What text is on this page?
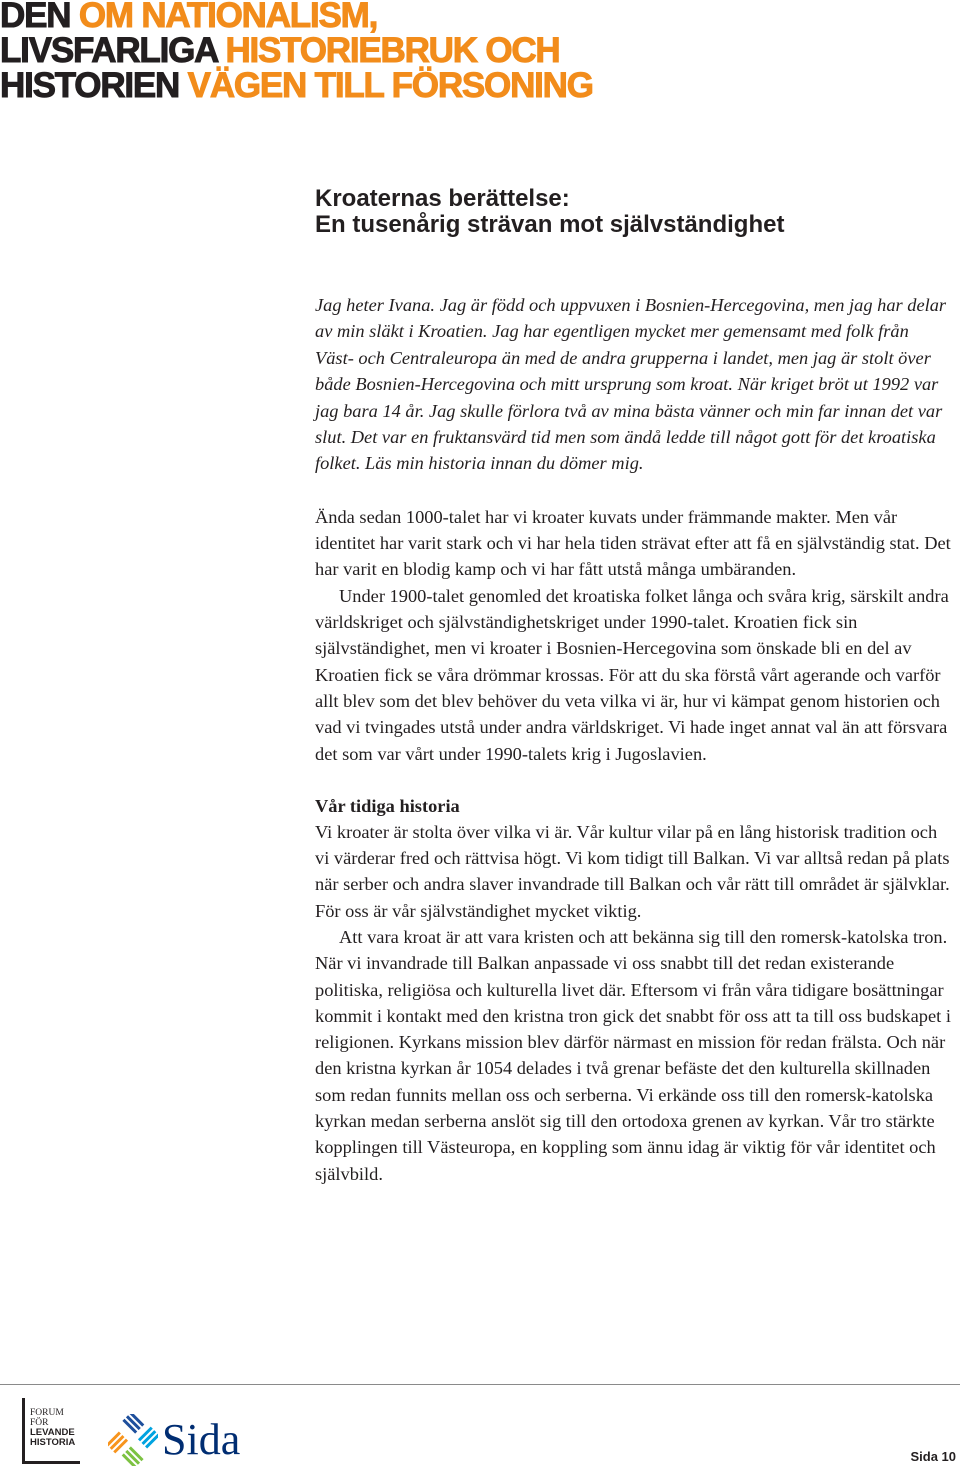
DEN OM NATIONALISM,
LIVSFARLIGA HISTORIEBRUK OCH
HISTORIEN VÄGEN TILL FÖRSONING
Kroaternas berättelse:
En tusenårig strävan mot självständighet

Jag heter Ivana. Jag är född och uppvuxen i Bosnien-Hercegovina, men jag har delar av min släkt i Kroatien. Jag har egentligen mycket mer gemensamt med folk från Väst- och Centraleuropa än med de andra grupperna i landet, men jag är stolt över både Bosnien-Hercegovina och mitt ursprung som kroat. När kriget bröt ut 1992 var jag bara 14 år. Jag skulle förlora två av mina bästa vänner och min far innan det var slut. Det var en fruktansvärd tid men som ändå ledde till något gott för det kroatiska folket. Läs min historia innan du dömer mig.

Ända sedan 1000-talet har vi kroater kuvats under främmande makter. Men vår identitet har varit stark och vi har hela tiden strävat efter att få en självständig stat. Det har varit en blodig kamp och vi har fått utstå många umbäranden.

Under 1900-talet genomled det kroatiska folket långa och svåra krig, särskilt andra världskriget och självständighetskriget under 1990-talet. Kroatien fick sin självständighet, men vi kroater i Bosnien-Hercegovina som önskade bli en del av Kroatien fick se våra drömmar krossas. För att du ska förstå vårt agerande och varför allt blev som det blev behöver du veta vilka vi är, hur vi kämpat genom historien och vad vi tvingades utstå under andra världskriget. Vi hade inget annat val än att försvara det som var vårt under 1990-talets krig i Jugoslavien.

Vår tidiga historia

Vi kroater är stolta över vilka vi är. Vår kultur vilar på en lång historisk tradition och vi värderar fred och rättvisa högt. Vi kom tidigt till Balkan. Vi var alltså redan på plats när serber och andra slaver invandrade till Balkan och vår rätt till området är självklar. För oss är vår självständighet mycket viktig.

Att vara kroat är att vara kristen och att bekänna sig till den romersk-katolska tron. När vi invandrade till Balkan anpassade vi oss snabbt till det redan existerande politiska, religiösa och kulturella livet där. Eftersom vi från våra tidigare bosättningar kommit i kontakt med den kristna tron gick det snabbt för oss att ta till oss budskapet i religionen. Kyrkans mission blev därför närmast en mission för redan frälsta. Och när den kristna kyrkan år 1054 delades i två grenar befäste det den kulturella skillnaden som redan funnits mellan oss och serberna. Vi erkände oss till den romersk-katolska kyrkan medan serberna anslöt sig till den ortodoxa grenen av kyrkan. Vår tro stärkte kopplingen till Västeuropa, en koppling som ännu idag är viktig för vår identitet och självbild.

FORUM
FÖR
LEVANDE
HISTORIA Sida	Sida 10
